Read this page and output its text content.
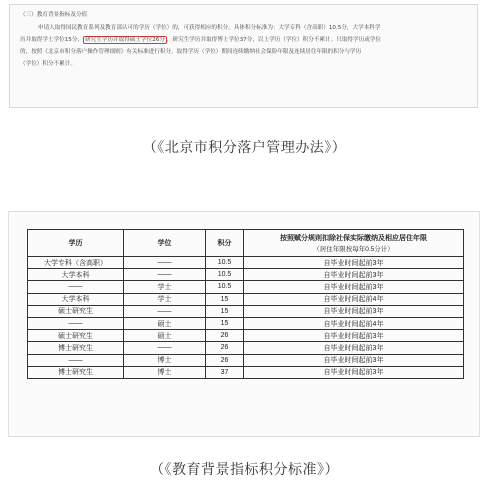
（三）教育背景指标及分值
申请人取得国民教育系列及教育部认可的学历（学位）的，可获得相应的积分。具体积分标准为：大学专科（含高职）10.5分，大学本科学
历并取得学士学位15分， 研究生学历并取得硕士学位26分 ，研究生学历并取得博士学位37分，以上学历（学位）积分不累计。只取得学历或学位
的，按照《北京市积分落户操作管理细则》有关标准进行积分。取得学历（学位）期间连续缴纳社会保险年限及连续居住年限的积分与学历
（学位）积分不累计。
（《北京市积分落户管理办法》）
学历	学位	积分	按照赋分规则扣除社保实际缴纳及相应居住年限
（居住年限按每年0.5分计）

大学专科（含高职）	——	10.5	自毕业时间起前3年
大学本科	——	10.5	自毕业时间起前3年
——	学士	10.5	自毕业时间起前3年
大学本科	学士	15	自毕业时间起前4年
硕士研究生	——	15	自毕业时间起前3年
——	硕士	15	自毕业时间起前4年
硕士研究生	硕士	26	自毕业时间起前3年
博士研究生	——	26	自毕业时间起前3年
——	博士	26	自毕业时间起前3年
博士研究生	博士	37	自毕业时间起前3年
（《教育背景指标积分标准》）
